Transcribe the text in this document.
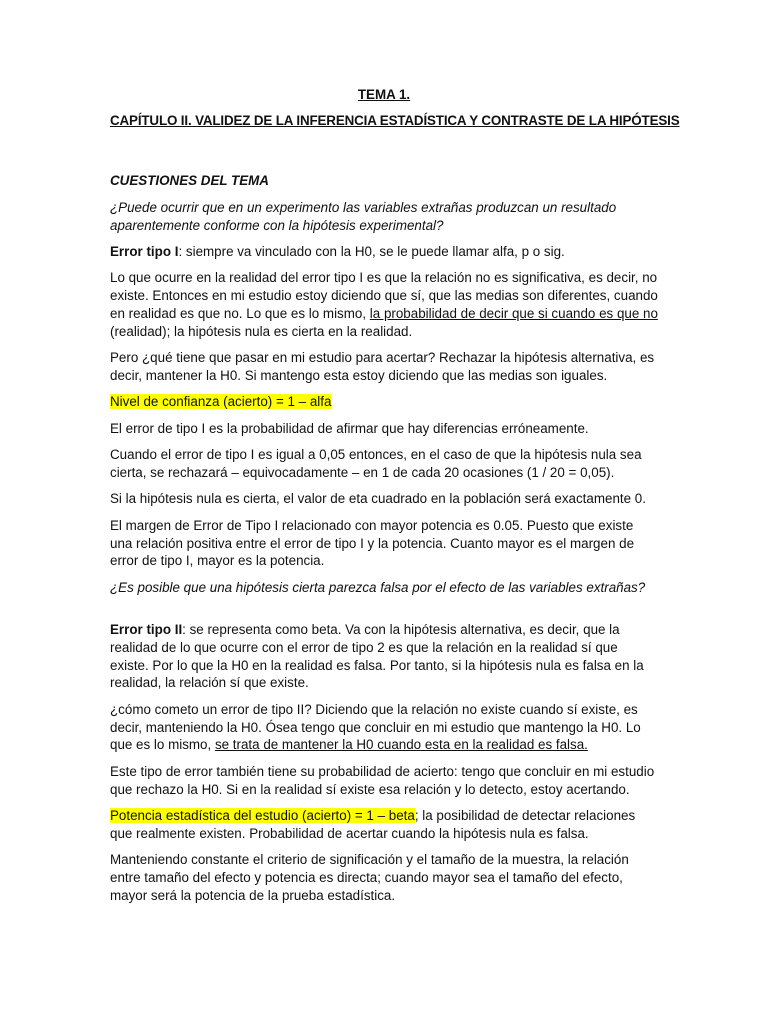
TEMA 1.
CAPÍTULO II. VALIDEZ DE LA INFERENCIA ESTADÍSTICA Y CONTRASTE DE LA HIPÓTESIS

CUESTIONES DEL TEMA

¿Puede ocurrir que en un experimento las variables extrañas produzcan un resultado aparentemente conforme con la hipótesis experimental?

Error tipo I: siempre va vinculado con la H0, se le puede llamar alfa, p o sig.

Lo que ocurre en la realidad del error tipo I es que la relación no es significativa, es decir, no existe. Entonces en mi estudio estoy diciendo que sí, que las medias son diferentes, cuando en realidad es que no. Lo que es lo mismo, la probabilidad de decir que si cuando es que no (realidad); la hipótesis nula es cierta en la realidad.

Pero ¿qué tiene que pasar en mi estudio para acertar? Rechazar la hipótesis alternativa, es decir, mantener la H0. Si mantengo esta estoy diciendo que las medias son iguales.

Nivel de confianza (acierto) = 1 – alfa

El error de tipo I es la probabilidad de afirmar que hay diferencias erróneamente.

Cuando el error de tipo I es igual a 0,05 entonces, en el caso de que la hipótesis nula sea cierta, se rechazará – equivocadamente – en 1 de cada 20 ocasiones (1 / 20 = 0,05).

Si la hipótesis nula es cierta, el valor de eta cuadrado en la población será exactamente 0.

El margen de Error de Tipo I relacionado con mayor potencia es 0.05. Puesto que existe una relación positiva entre el error de tipo I y la potencia. Cuanto mayor es el margen de error de tipo I, mayor es la potencia.

¿Es posible que una hipótesis cierta parezca falsa por el efecto de las variables extrañas?

Error tipo II: se representa como beta. Va con la hipótesis alternativa, es decir, que la realidad de lo que ocurre con el error de tipo 2 es que la relación en la realidad sí que existe. Por lo que la H0 en la realidad es falsa. Por tanto, si la hipótesis nula es falsa en la realidad, la relación sí que existe.

¿cómo cometo un error de tipo II? Diciendo que la relación no existe cuando sí existe, es decir, manteniendo la H0. Ósea tengo que concluir en mi estudio que mantengo la H0. Lo que es lo mismo, se trata de mantener la H0 cuando esta en la realidad es falsa.

Este tipo de error también tiene su probabilidad de acierto: tengo que concluir en mi estudio que rechazo la H0. Si en la realidad sí existe esa relación y lo detecto, estoy acertando.

Potencia estadística del estudio (acierto) = 1 – beta; la posibilidad de detectar relaciones que realmente existen. Probabilidad de acertar cuando la hipótesis nula es falsa.

Manteniendo constante el criterio de significación y el tamaño de la muestra, la relación entre tamaño del efecto y potencia es directa; cuando mayor sea el tamaño del efecto, mayor será la potencia de la prueba estadística.
